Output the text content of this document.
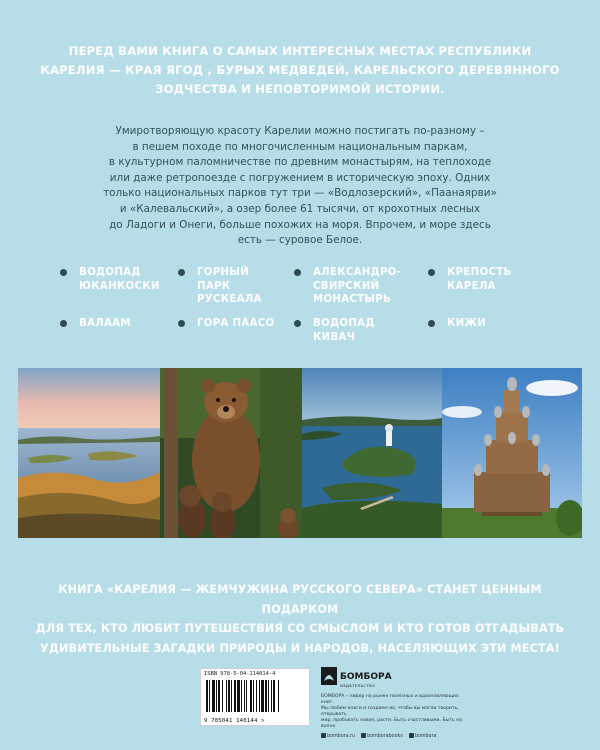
ПЕРЕД ВАМИ КНИГА О САМЫХ ИНТЕРЕСНЫХ МЕСТАХ РЕСПУБЛИКИ КАРЕЛИЯ — КРАЯ ЯГОД , БУРЫХ МЕДВЕДЕЙ, КАРЕЛЬСКОГО ДЕРЕВЯННОГО ЗОДЧЕСТВА И НЕПОВТОРИМОЙ ИСТОРИИ.
Умиротворяющую красоту Карелии можно постигать по-разному –
в пешем походе по многочисленным национальным паркам,
в культурном паломничестве по древним монастырям, на теплоходе
или даже ретропоезде с погружением в историческую эпоху. Одних
только национальных парков тут три — «Водлозерский», «Паанаярви»
и «Калевальский», а озер более 61 тысячи, от крохотных лесных
до Ладоги и Онеги, больше похожих на моря. Впрочем, и море здесь
есть — суровое Белое.
ВОДОПАД ЮКАНКОСКИ
ГОРНЫЙ ПАРК РУСКЕАЛА
АЛЕКСАНДРО-СВИРСКИЙ МОНАСТЫРЬ
КРЕПОСТЬ КАРЕЛА
ВАЛААМ	ГОРА ПААСО	ВОДОПАД КИВАЧ
КИЖИ
КНИГА «КАРЕЛИЯ — ЖЕМЧУЖИНА РУССКОГО СЕВЕРА» СТАНЕТ ЦЕННЫМ ПОДАРКОМ
ДЛЯ ТЕХ, КТО ЛЮБИТ ПУТЕШЕСТВИЯ СО СМЫСЛОМ И КТО ГОТОВ ОТГАДЫВАТЬ
УДИВИТЕЛЬНЫЕ ЗАГАДКИ ПРИРОДЫ И НАРОДОВ, НАСЕЛЯЮЩИХ ЭТИ МЕСТА!
ISBN 978-5-04-114014-4
9 785041 140144 >
БОМБОРА
ИЗДАТЕЛЬСТВО
БОМБОРА – лидер на рынке полезных и вдохновляющих книг.
Мы любим книги и создаем их, чтобы вы могли творить, открывать
мир, пробовать новое, расти. Быть счастливыми. Быть на волне.
bombora.ru	bomborabooks	bombora
